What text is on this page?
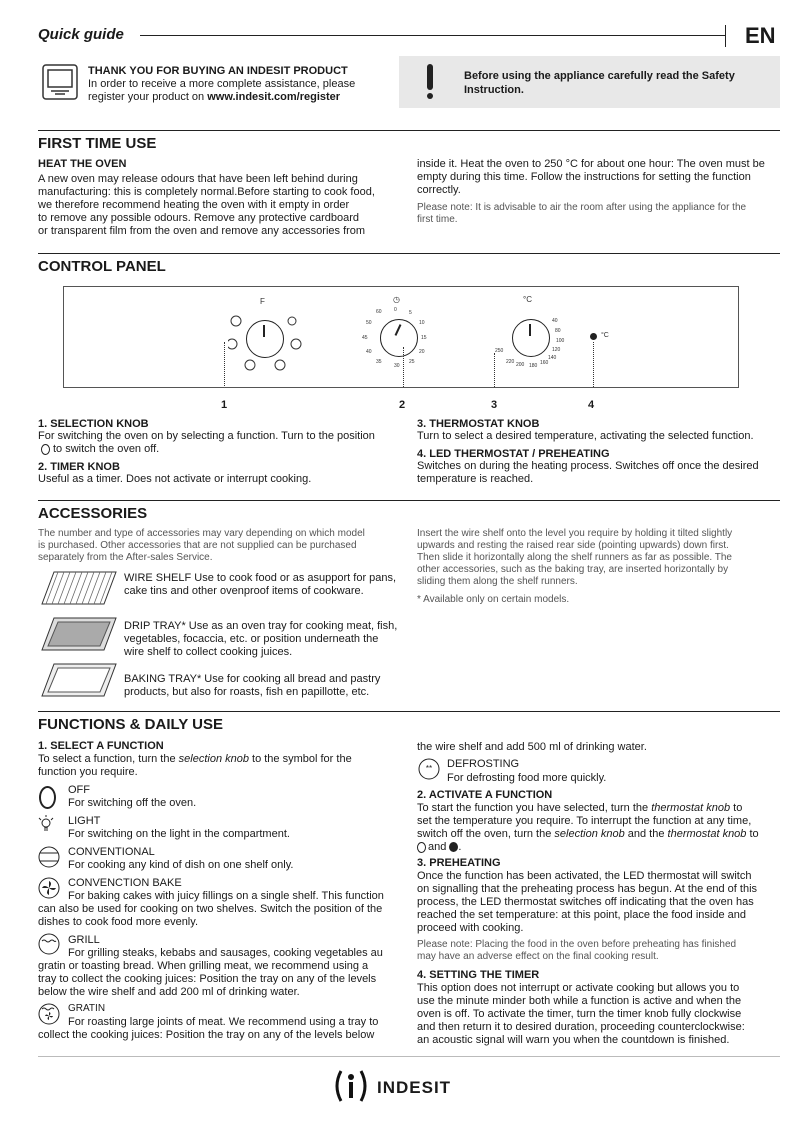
Quick guide	EN
THANK YOU FOR BUYING AN INDESIT PRODUCT
In order to receive a more complete assistance, please
register your product on www.indesit.com/register
Before using the appliance carefully read the Safety
Instruction.
FIRST TIME USE
HEAT THE OVEN
A new oven may release odours that have been left behind during
manufacturing: this is completely normal.Before starting to cook food,
we therefore recommend heating the oven with it empty in order
to remove any possible odours. Remove any protective cardboard
or transparent film from the oven and remove any accessories from
inside it. Heat the oven to 250 °C for about one hour: The oven must be
empty during this time. Follow the instructions for setting the function
correctly.
Please note: It is advisable to air the room after using the appliance for the
first time.
CONTROL PANEL
F	◷
60 0 5
50	10
45	15
40	20
35
30
25
°C
40
80
100
120
140
160
180
200
220
250
°C
1	2	3	4
1. SELECTION KNOB
For switching the oven on by selecting a function. Turn to the position
to switch the oven off.
2. TIMER KNOB
Useful as a timer. Does not activate or interrupt cooking.
3. THERMOSTAT KNOB
Turn to select a desired temperature, activating the selected function.
4. LED THERMOSTAT / PREHEATING
Switches on during the heating process. Switches off once the desired
temperature is reached.
ACCESSORIES
The number and type of accessories may vary depending on which model
is purchased. Other accessories that are not supplied can be purchased
separately from the After-sales Service.
WIRE SHELF Use to cook food or as asupport for pans,
cake tins and other ovenproof items of cookware.
DRIP TRAY* Use as an oven tray for cooking meat, fish,
vegetables, focaccia, etc. or position underneath the
wire shelf to collect cooking juices.
BAKING TRAY* Use for cooking all bread and pastry
products, but also for roasts, fish en papillotte, etc.
Insert the wire shelf onto the level you require by holding it tilted slightly
upwards and resting the raised rear side (pointing upwards) down first.
Then slide it horizontally along the shelf runners as far as possible. The
other accessories, such as the baking tray, are inserted horizontally by
sliding them along the shelf runners.
* Available only on certain models.
FUNCTIONS & DAILY USE
1. SELECT A FUNCTION
To select a function, turn the selection knob to the symbol for the
function you require.
OFF
For switching off the oven.
LIGHT
For switching on the light in the compartment.
CONVENTIONAL
For cooking any kind of dish on one shelf only.
CONVENCTION BAKE
For baking cakes with juicy fillings on a single shelf. This function
can also be used for cooking on two shelves. Switch the position of the
dishes to cook food more evenly.
GRILL
For grilling steaks, kebabs and sausages, cooking vegetables au
gratin or toasting bread. When grilling meat, we recommend using a
tray to collect the cooking juices: Position the tray on any of the levels
below the wire shelf and add 200 ml of drinking water.
GRATIN
For roasting large joints of meat. We recommend using a tray to
collect the cooking juices: Position the tray on any of the levels below
the wire shelf and add 500 ml of drinking water.
** DEFROSTING
For defrosting food more quickly.
2. ACTIVATE A FUNCTION
To start the function you have selected, turn the thermostat knob to
set the temperature you require. To interrupt the function at any time,
switch off the oven, turn the selection knob and the thermostat knob to
and .
3. PREHEATING
Once the function has been activated, the LED thermostat will switch
on signalling that the preheating process has begun. At the end of this
process, the LED thermostat switches off indicating that the oven has
reached the set temperature: at this point, place the food inside and
proceed with cooking.
Please note: Placing the food in the oven before preheating has finished
may have an adverse effect on the final cooking result.
4. SETTING THE TIMER
This option does not interrupt or activate cooking but allows you to
use the minute minder both while a function is active and when the
oven is off. To activate the timer, turn the timer knob fully clockwise
and then return it to desired duration, proceeding counterclockwise:
an acoustic signal will warn you when the countdown is finished.
indesit
